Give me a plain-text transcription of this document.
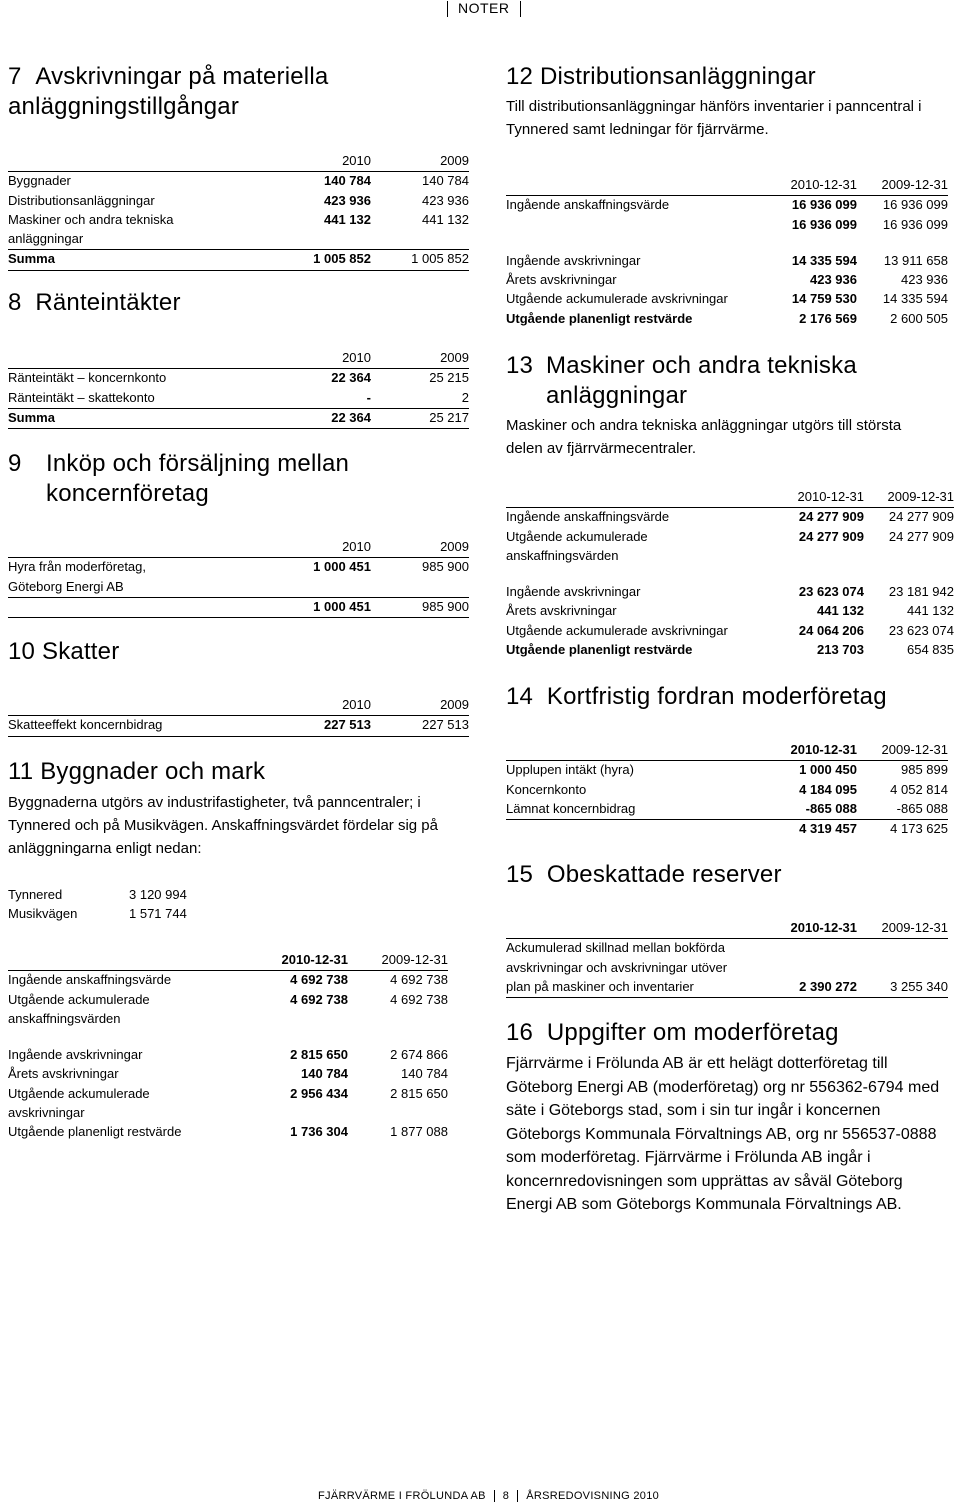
NOTER
7 Avskrivningar på materiella anläggningstillgångar
	2010	2009
Byggnader	140 784	140 784
Distributionsanläggningar	423 936	423 936
Maskiner och andra tekniska	441 132	441 132
anläggningar		
Summa	1 005 852	1 005 852
8 Ränteintäkter
	2010	2009
Ränteintäkt – koncernkonto	22 364	25 215
Ränteintäkt – skattekonto	-	2
Summa	22 364	25 217
9 Inköp och försäljning mellan koncernföretag
	2010	2009
Hyra från moderföretag,	1 000 451	985 900
Göteborg Energi AB		
	1 000 451	985 900
10 Skatter
	2010	2009
Skatteeffekt koncernbidrag	227 513	227 513
11 Byggnader och mark
Byggnaderna utgörs av industrifastigheter, två panncentraler; i Tynnered och på Musikvägen. Anskaffningsvärdet fördelar sig på anläggningarna enligt nedan:
Tynnered	3 120 994
Musikvägen	1 571 744
	2010-12-31	2009-12-31
Ingående anskaffningsvärde	4 692 738	4 692 738
Utgående ackumulerade	4 692 738	4 692 738
anskaffningsvärden		

Ingående avskrivningar	2 815 650	2 674 866
Årets avskrivningar	140 784	140 784
Utgående ackumulerade	2 956 434	2 815 650
avskrivningar		
Utgående planenligt restvärde	1 736 304	1 877 088
12 Distributionsanläggningar
Till distributionsanläggningar hänförs inventarier i panncentral i Tynnered samt ledningar för fjärrvärme.
	2010-12-31	2009-12-31
Ingående anskaffningsvärde	16 936 099	16 936 099
	16 936 099	16 936 099

Ingående avskrivningar	14 335 594	13 911 658
Årets avskrivningar	423 936	423 936
Utgående ackumulerade avskrivningar	14 759 530	14 335 594
Utgående planenligt restvärde	2 176 569	2 600 505
13 Maskiner och andra tekniska
anläggningar
Maskiner och andra tekniska anläggningar utgörs till största delen av fjärrvärmecentraler.
	2010-12-31	2009-12-31
Ingående anskaffningsvärde	24 277 909	24 277 909
Utgående ackumulerade	24 277 909	24 277 909
anskaffningsvärden		

Ingående avskrivningar	23 623 074	23 181 942
Årets avskrivningar	441 132	441 132
Utgående ackumulerade avskrivningar	24 064 206	23 623 074
Utgående planenligt restvärde	213 703	654 835
14 Kortfristig fordran moderföretag
	2010-12-31	2009-12-31
Upplupen intäkt (hyra)	1 000 450	985 899
Koncernkonto	4 184 095	4 052 814
Lämnat koncernbidrag	-865 088	-865 088
	4 319 457	4 173 625
15 Obeskattade reserver
	2010-12-31	2009-12-31
Ackumulerad skillnad mellan bokförda		
avskrivningar och avskrivningar utöver		
plan på maskiner och inventarier	2 390 272	3 255 340
16 Uppgifter om moderföretag
Fjärrvärme i Frölunda AB är ett helägt dotterföretag till Göteborg Energi AB (moderföretag) org nr 556362-6794 med säte i Göteborgs stad, som i sin tur ingår i koncernen Göteborgs Kommunala Förvaltnings AB, org nr 556537-0888 som moderföretag. Fjärrvärme i Frölunda AB ingår i koncernredovisningen som upprättas av såväl Göteborg Energi AB som Göteborgs Kommunala Förvaltnings AB.
FJÄRRVÄRME I FRÖLUNDA AB 8 ÅRSREDOVISNING 2010
